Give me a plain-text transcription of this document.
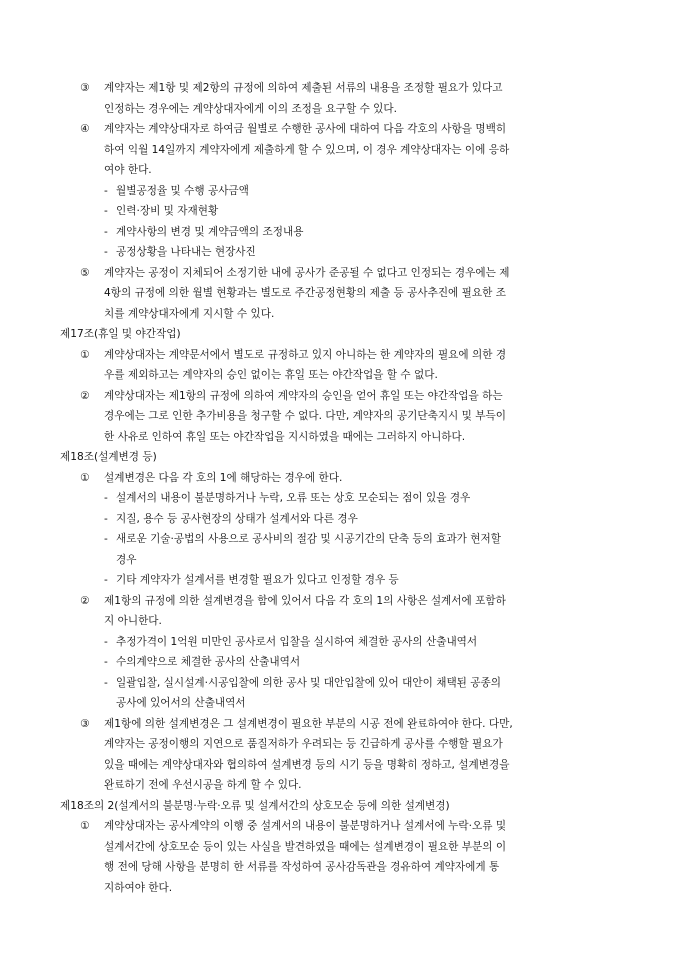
③ 계약자는 제1항 및 제2항의 규정에 의하여 제출된 서류의 내용을 조정할 필요가 있다고
인정하는 경우에는 계약상대자에게 이의 조정을 요구할 수 있다.
④ 계약자는 계약상대자로 하여금 월별로 수행한 공사에 대하여 다음 각호의 사항을 명백히
하여 익월 14일까지 계약자에게 제출하게 할 수 있으며, 이 경우 계약상대자는 이에 응하
여야 한다.
- 월별공정율 및 수행 공사금액
- 인력·장비 및 자재현황
- 계약사항의 변경 및 계약금액의 조정내용
- 공정상황을 나타내는 현장사진
⑤ 계약자는 공정이 지체되어 소정기한 내에 공사가 준공될 수 없다고 인정되는 경우에는 제
4항의 규정에 의한 월별 현황과는 별도로 주간공정현황의 제출 등 공사추진에 필요한 조
치를 계약상대자에게 지시할 수 있다.
제17조(휴일 및 야간작업)
① 계약상대자는 계약문서에서 별도로 규정하고 있지 아니하는 한 계약자의 필요에 의한 경
우를 제외하고는 계약자의 승인 없이는 휴일 또는 야간작업을 할 수 없다.
② 계약상대자는 제1항의 규정에 의하여 계약자의 승인을 얻어 휴일 또는 야간작업을 하는
경우에는 그로 인한 추가비용을 청구할 수 없다. 다만, 계약자의 공기단축지시 및 부득이
한 사유로 인하여 휴일 또는 야간작업을 지시하였을 때에는 그러하지 아니하다.
제18조(설계변경 등)
① 설계변경은 다음 각 호의 1에 해당하는 경우에 한다.
- 설계서의 내용이 불분명하거나 누락, 오류 또는 상호 모순되는 점이 있을 경우
- 지질, 용수 등 공사현장의 상태가 설계서와 다른 경우
- 새로운 기술·공법의 사용으로 공사비의 절감 및 시공기간의 단축 등의 효과가 현저할
경우
- 기타 계약자가 설계서를 변경할 필요가 있다고 인정할 경우 등
② 제1항의 규정에 의한 설계변경을 함에 있어서 다음 각 호의 1의 사항은 설계서에 포함하
지 아니한다.
- 추정가격이 1억원 미만인 공사로서 입찰을 실시하여 체결한 공사의 산출내역서
- 수의계약으로 체결한 공사의 산출내역서
- 일괄입찰, 실시설계·시공입찰에 의한 공사 및 대안입찰에 있어 대안이 채택된 공종의
공사에 있어서의 산출내역서
③ 제1항에 의한 설계변경은 그 설계변경이 필요한 부분의 시공 전에 완료하여야 한다. 다만,
계약자는 공정이행의 지연으로 품질저하가 우려되는 등 긴급하게 공사를 수행할 필요가
있을 때에는 계약상대자와 협의하여 설계변경 등의 시기 등을 명확히 정하고, 설계변경을
완료하기 전에 우선시공을 하게 할 수 있다.
제18조의 2(설계서의 불분명·누락·오류 및 설계서간의 상호모순 등에 의한 설계변경)
① 계약상대자는 공사계약의 이행 중 설계서의 내용이 불분명하거나 설계서에 누락·오류 및
설계서간에 상호모순 등이 있는 사실을 발견하였을 때에는 설계변경이 필요한 부분의 이
행 전에 당해 사항을 분명히 한 서류를 작성하여 공사감독관을 경유하여 계약자에게 통
지하여야 한다.
